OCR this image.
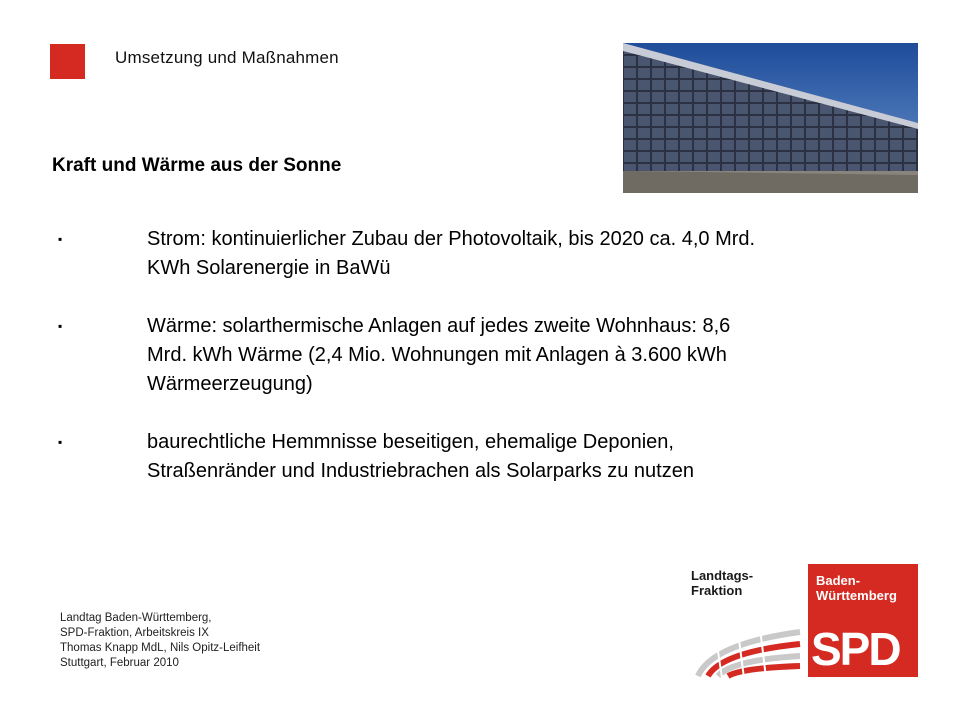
Umsetzung und Maßnahmen
Kraft und Wärme aus der Sonne
▪	Strom: kontinuierlicher Zubau der Photovoltaik, bis 2020 ca. 4,0 Mrd.
KWh Solarenergie in BaWü
▪	Wärme: solarthermische Anlagen auf jedes zweite Wohnhaus: 8,6
Mrd. kWh Wärme (2,4 Mio. Wohnungen mit Anlagen à 3.600 kWh
Wärmeerzeugung)
▪	baurechtliche Hemmnisse beseitigen, ehemalige Deponien,
Straßenränder und Industriebrachen als Solarparks zu nutzen
Landtag Baden-Württemberg,
SPD-Fraktion, Arbeitskreis IX
Thomas Knapp MdL, Nils Opitz-Leifheit
Stuttgart, Februar 2010
Landtags-
Fraktion
Baden-
Württemberg
SPD
